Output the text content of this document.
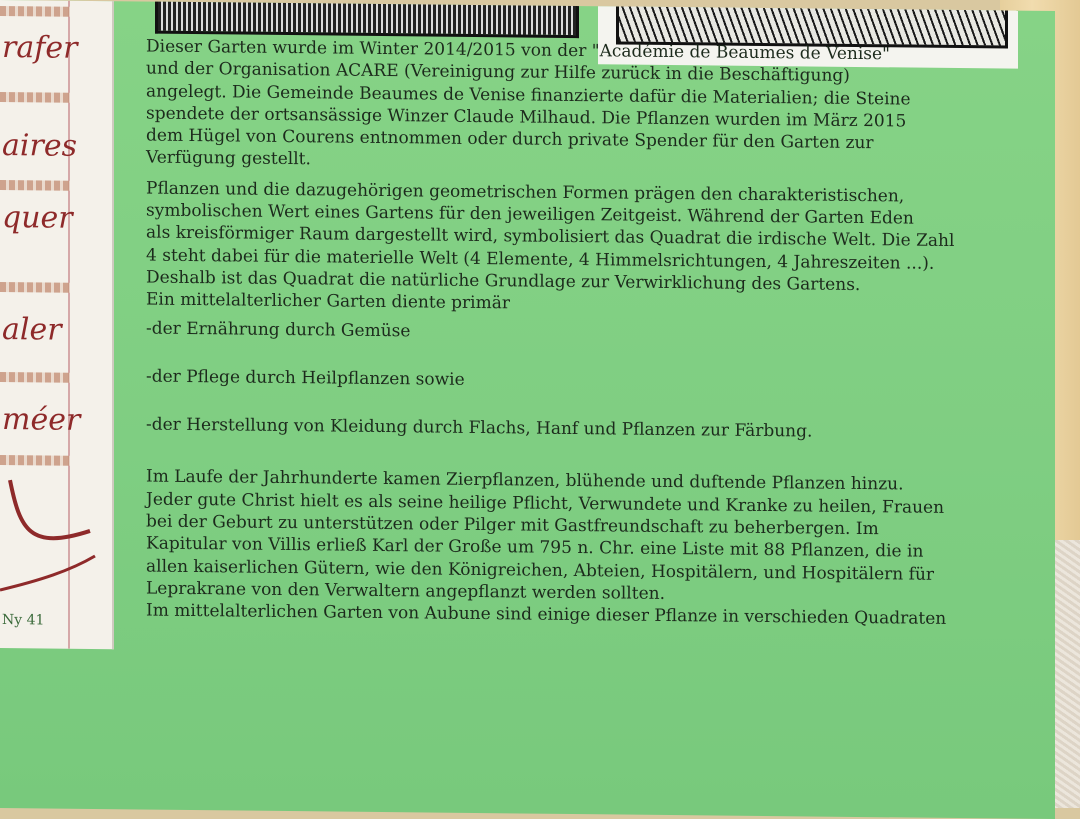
rafer
aires
quer
aler
méer
Ny 41

Dieser Garten wurde im Winter 2014/2015 von der "Académie de Beaumes de Venise"

und der Organisation ACARE (Vereinigung zur Hilfe zurück in die Beschäftigung)

angelegt. Die Gemeinde Beaumes de Venise finanzierte dafür die Materialien; die Steine

spendete der ortsansässige Winzer Claude Milhaud. Die Pflanzen wurden im März 2015

dem Hügel von Courens entnommen oder durch private Spender für den Garten zur

Verfügung gestellt.

Pflanzen und die dazugehörigen geometrischen Formen prägen den charakteristischen,

symbolischen Wert eines Gartens für den jeweiligen Zeitgeist. Während der Garten Eden

als kreisförmiger Raum dargestellt wird, symbolisiert das Quadrat die irdische Welt. Die Zahl

4 steht dabei für die materielle Welt (4 Elemente, 4 Himmelsrichtungen, 4 Jahreszeiten ...).

Deshalb ist das Quadrat die natürliche Grundlage zur Verwirklichung des Gartens.

Ein mittelalterlicher Garten diente primär

-der Ernährung durch Gemüse

-der Pflege durch Heilpflanzen sowie

-der Herstellung von Kleidung durch Flachs, Hanf und Pflanzen zur Färbung.

Im Laufe der Jahrhunderte kamen Zierpflanzen, blühende und duftende Pflanzen hinzu.

Jeder gute Christ hielt es als seine heilige Pflicht, Verwundete und Kranke zu heilen, Frauen

bei der Geburt zu unterstützen oder Pilger mit Gastfreundschaft zu beherbergen. Im

Kapitular von Villis erließ Karl der Große um 795 n. Chr. eine Liste mit 88 Pflanzen, die in

allen kaiserlichen Gütern, wie den Königreichen, Abteien, Hospitälern, und Hospitälern für

Leprakrane von den Verwaltern angepflanzt werden sollten.

Im mittelalterlichen Garten von Aubune sind einige dieser Pflanze in verschieden Quadraten
